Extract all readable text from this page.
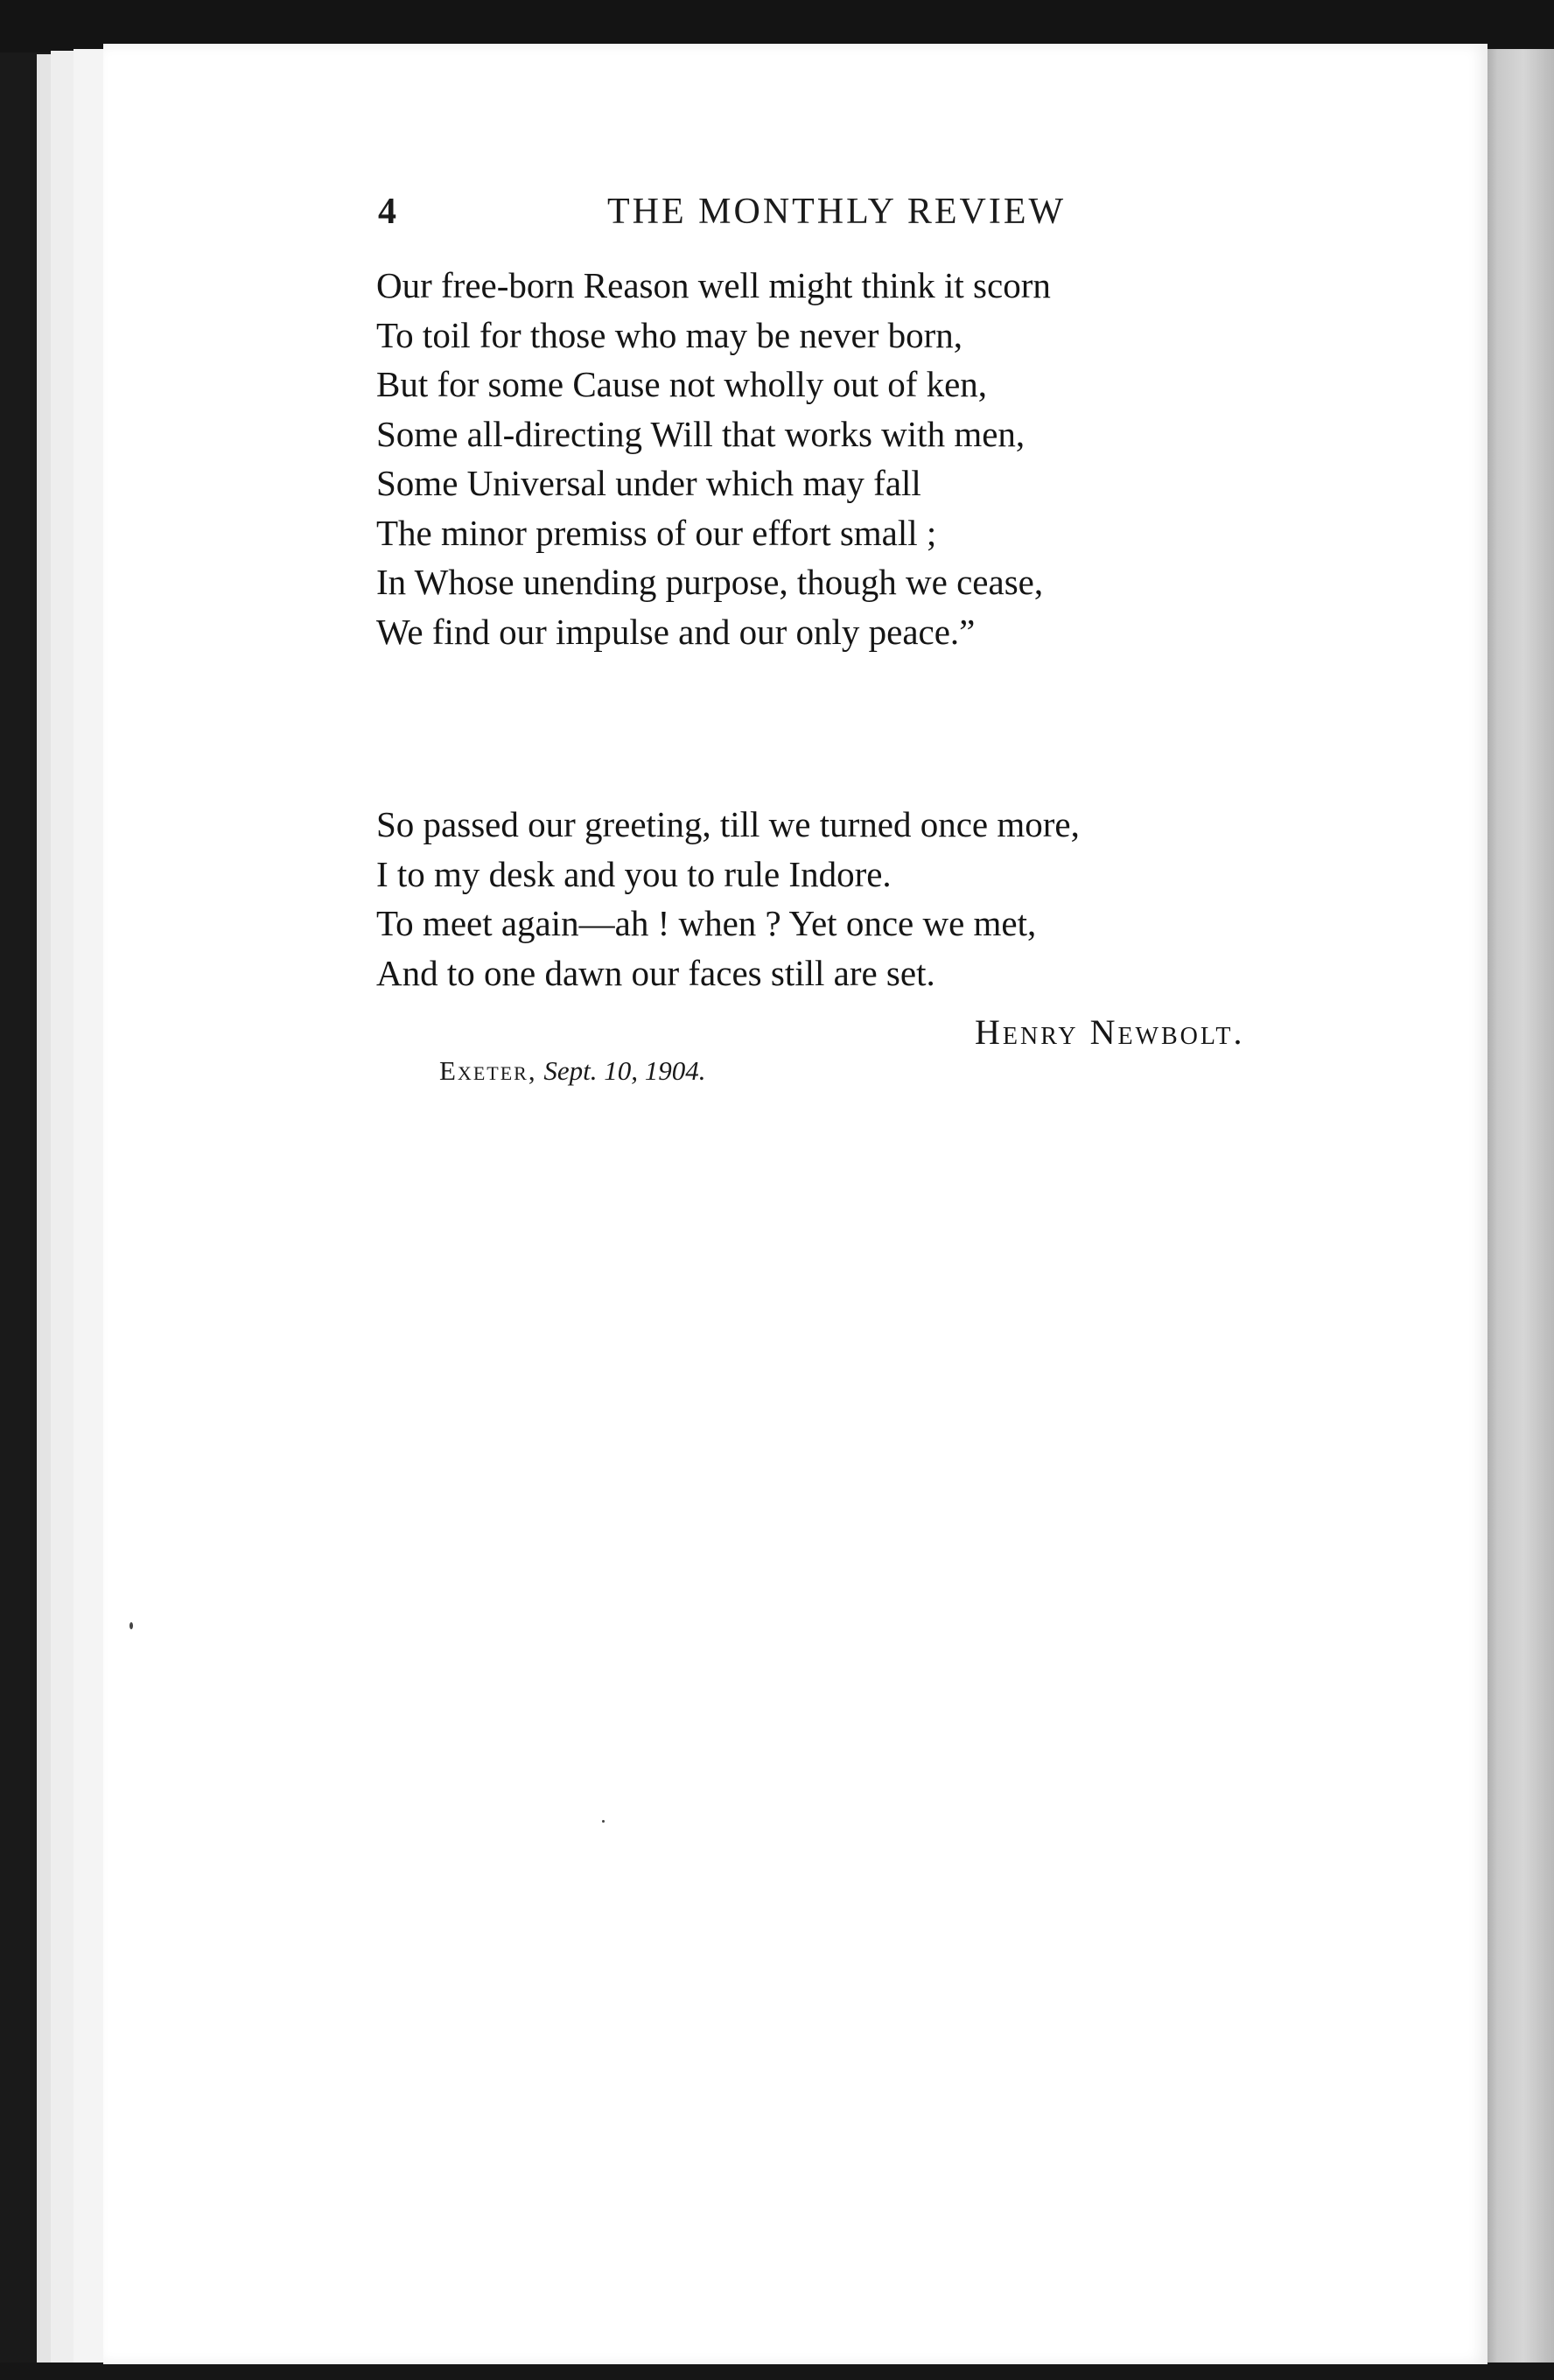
4	THE MONTHLY REVIEW
Our free-born Reason well might think it scorn
To toil for those who may be never born,
But for some Cause not wholly out of ken,
Some all-directing Will that works with men,
Some Universal under which may fall
The minor premiss of our effort small ;
In Whose unending purpose, though we cease,
We find our impulse and our only peace.”
So passed our greeting, till we turned once more,
I to my desk and you to rule Indore.
To meet again—ah ! when ? Yet once we met,
And to one dawn our faces still are set.
Henry Newbolt.
Exeter, Sept. 10, 1904.
